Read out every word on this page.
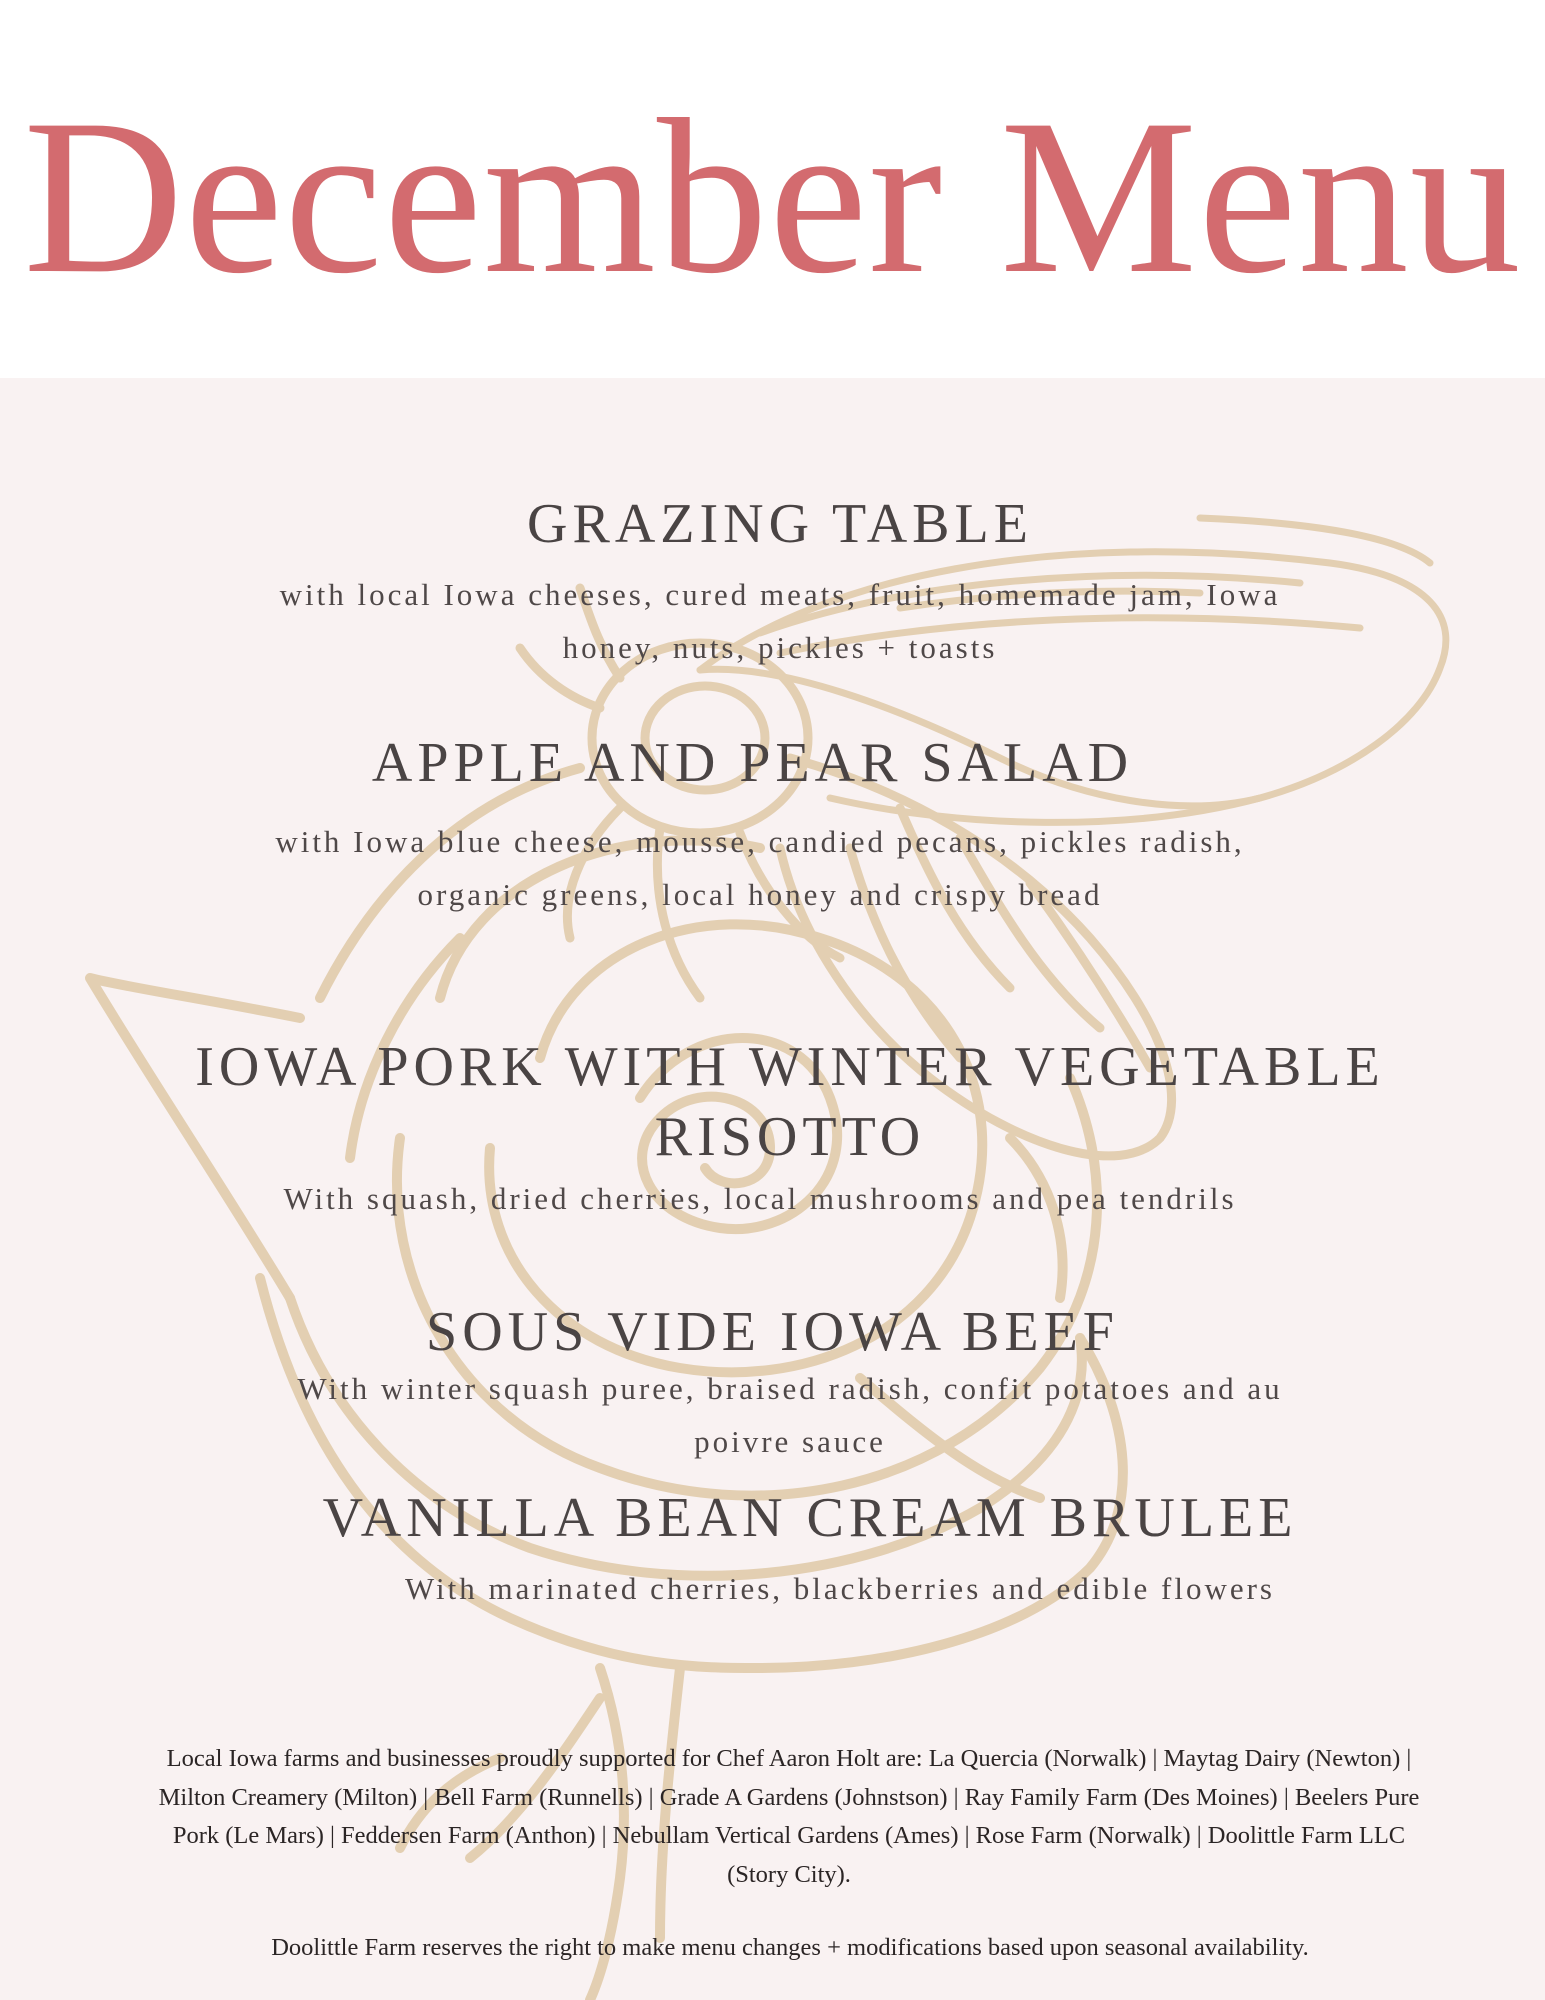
December Menu
GRAZING TABLE
with local Iowa cheeses, cured meats, fruit, homemade jam, Iowa honey, nuts, pickles + toasts
APPLE AND PEAR SALAD
with Iowa blue cheese, mousse, candied pecans, pickles radish, organic greens, local honey and crispy bread
IOWA PORK WITH WINTER VEGETABLE RISOTTO
With squash, dried cherries, local mushrooms and pea tendrils
SOUS VIDE IOWA BEEF
With winter squash puree, braised radish, confit potatoes and au poivre sauce
VANILLA BEAN CREAM BRULEE
With marinated cherries, blackberries and edible flowers
Local Iowa farms and businesses proudly supported for Chef Aaron Holt are: La Quercia (Norwalk) | Maytag Dairy (Newton) | Milton Creamery (Milton) | Bell Farm (Runnells) | Grade A Gardens (Johnstson) | Ray Family Farm (Des Moines) | Beelers Pure Pork (Le Mars) | Feddersen Farm (Anthon) | Nebullam Vertical Gardens (Ames) | Rose Farm (Norwalk) | Doolittle Farm LLC (Story City).
Doolittle Farm reserves the right to make menu changes + modifications based upon seasonal availability.
